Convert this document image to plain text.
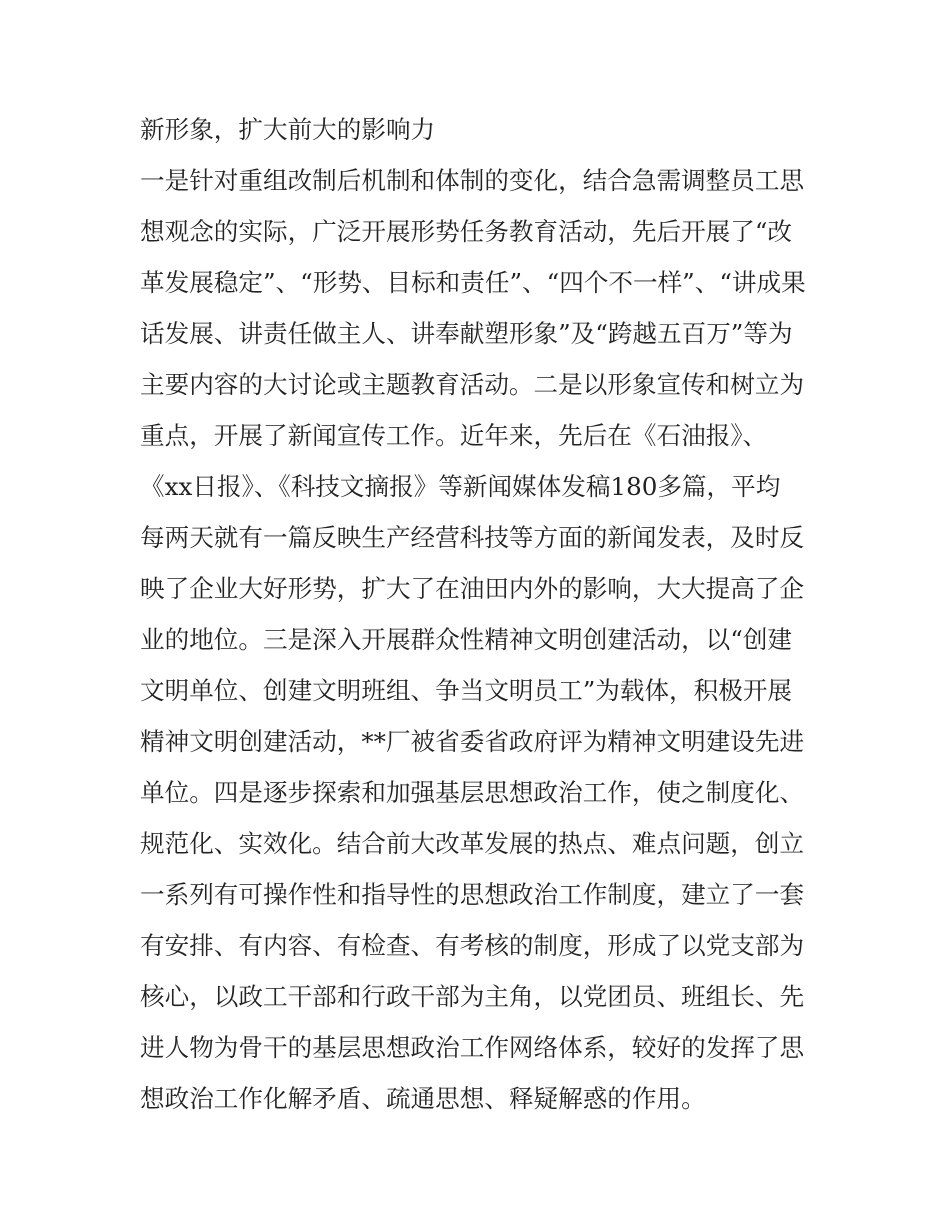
新形象，扩大前大的影响力
一是针对重组改制后机制和体制的变化，结合急需调整员工思
想观念的实际，广泛开展形势任务教育活动，先后开展了“改
革发展稳定”、“形势、目标和责任”、“四个不一样”、“讲成果
话发展、讲责任做主人、讲奉献塑形象”及“跨越五百万”等为
主要内容的大讨论或主题教育活动。二是以形象宣传和树立为
重点，开展了新闻宣传工作。近年来，先后在《石油报》、
《xx日报》、《科技文摘报》等新闻媒体发稿180多篇，平均
每两天就有一篇反映生产经营科技等方面的新闻发表，及时反
映了企业大好形势，扩大了在油田内外的影响，大大提高了企
业的地位。三是深入开展群众性精神文明创建活动，以“创建
文明单位、创建文明班组、争当文明员工”为载体，积极开展
精神文明创建活动，**厂被省委省政府评为精神文明建设先进
单位。四是逐步探索和加强基层思想政治工作，使之制度化、
规范化、实效化。结合前大改革发展的热点、难点问题，创立
一系列有可操作性和指导性的思想政治工作制度，建立了一套
有安排、有内容、有检查、有考核的制度，形成了以党支部为
核心，以政工干部和行政干部为主角，以党团员、班组长、先
进人物为骨干的基层思想政治工作网络体系，较好的发挥了思
想政治工作化解矛盾、疏通思想、释疑解惑的作用。
